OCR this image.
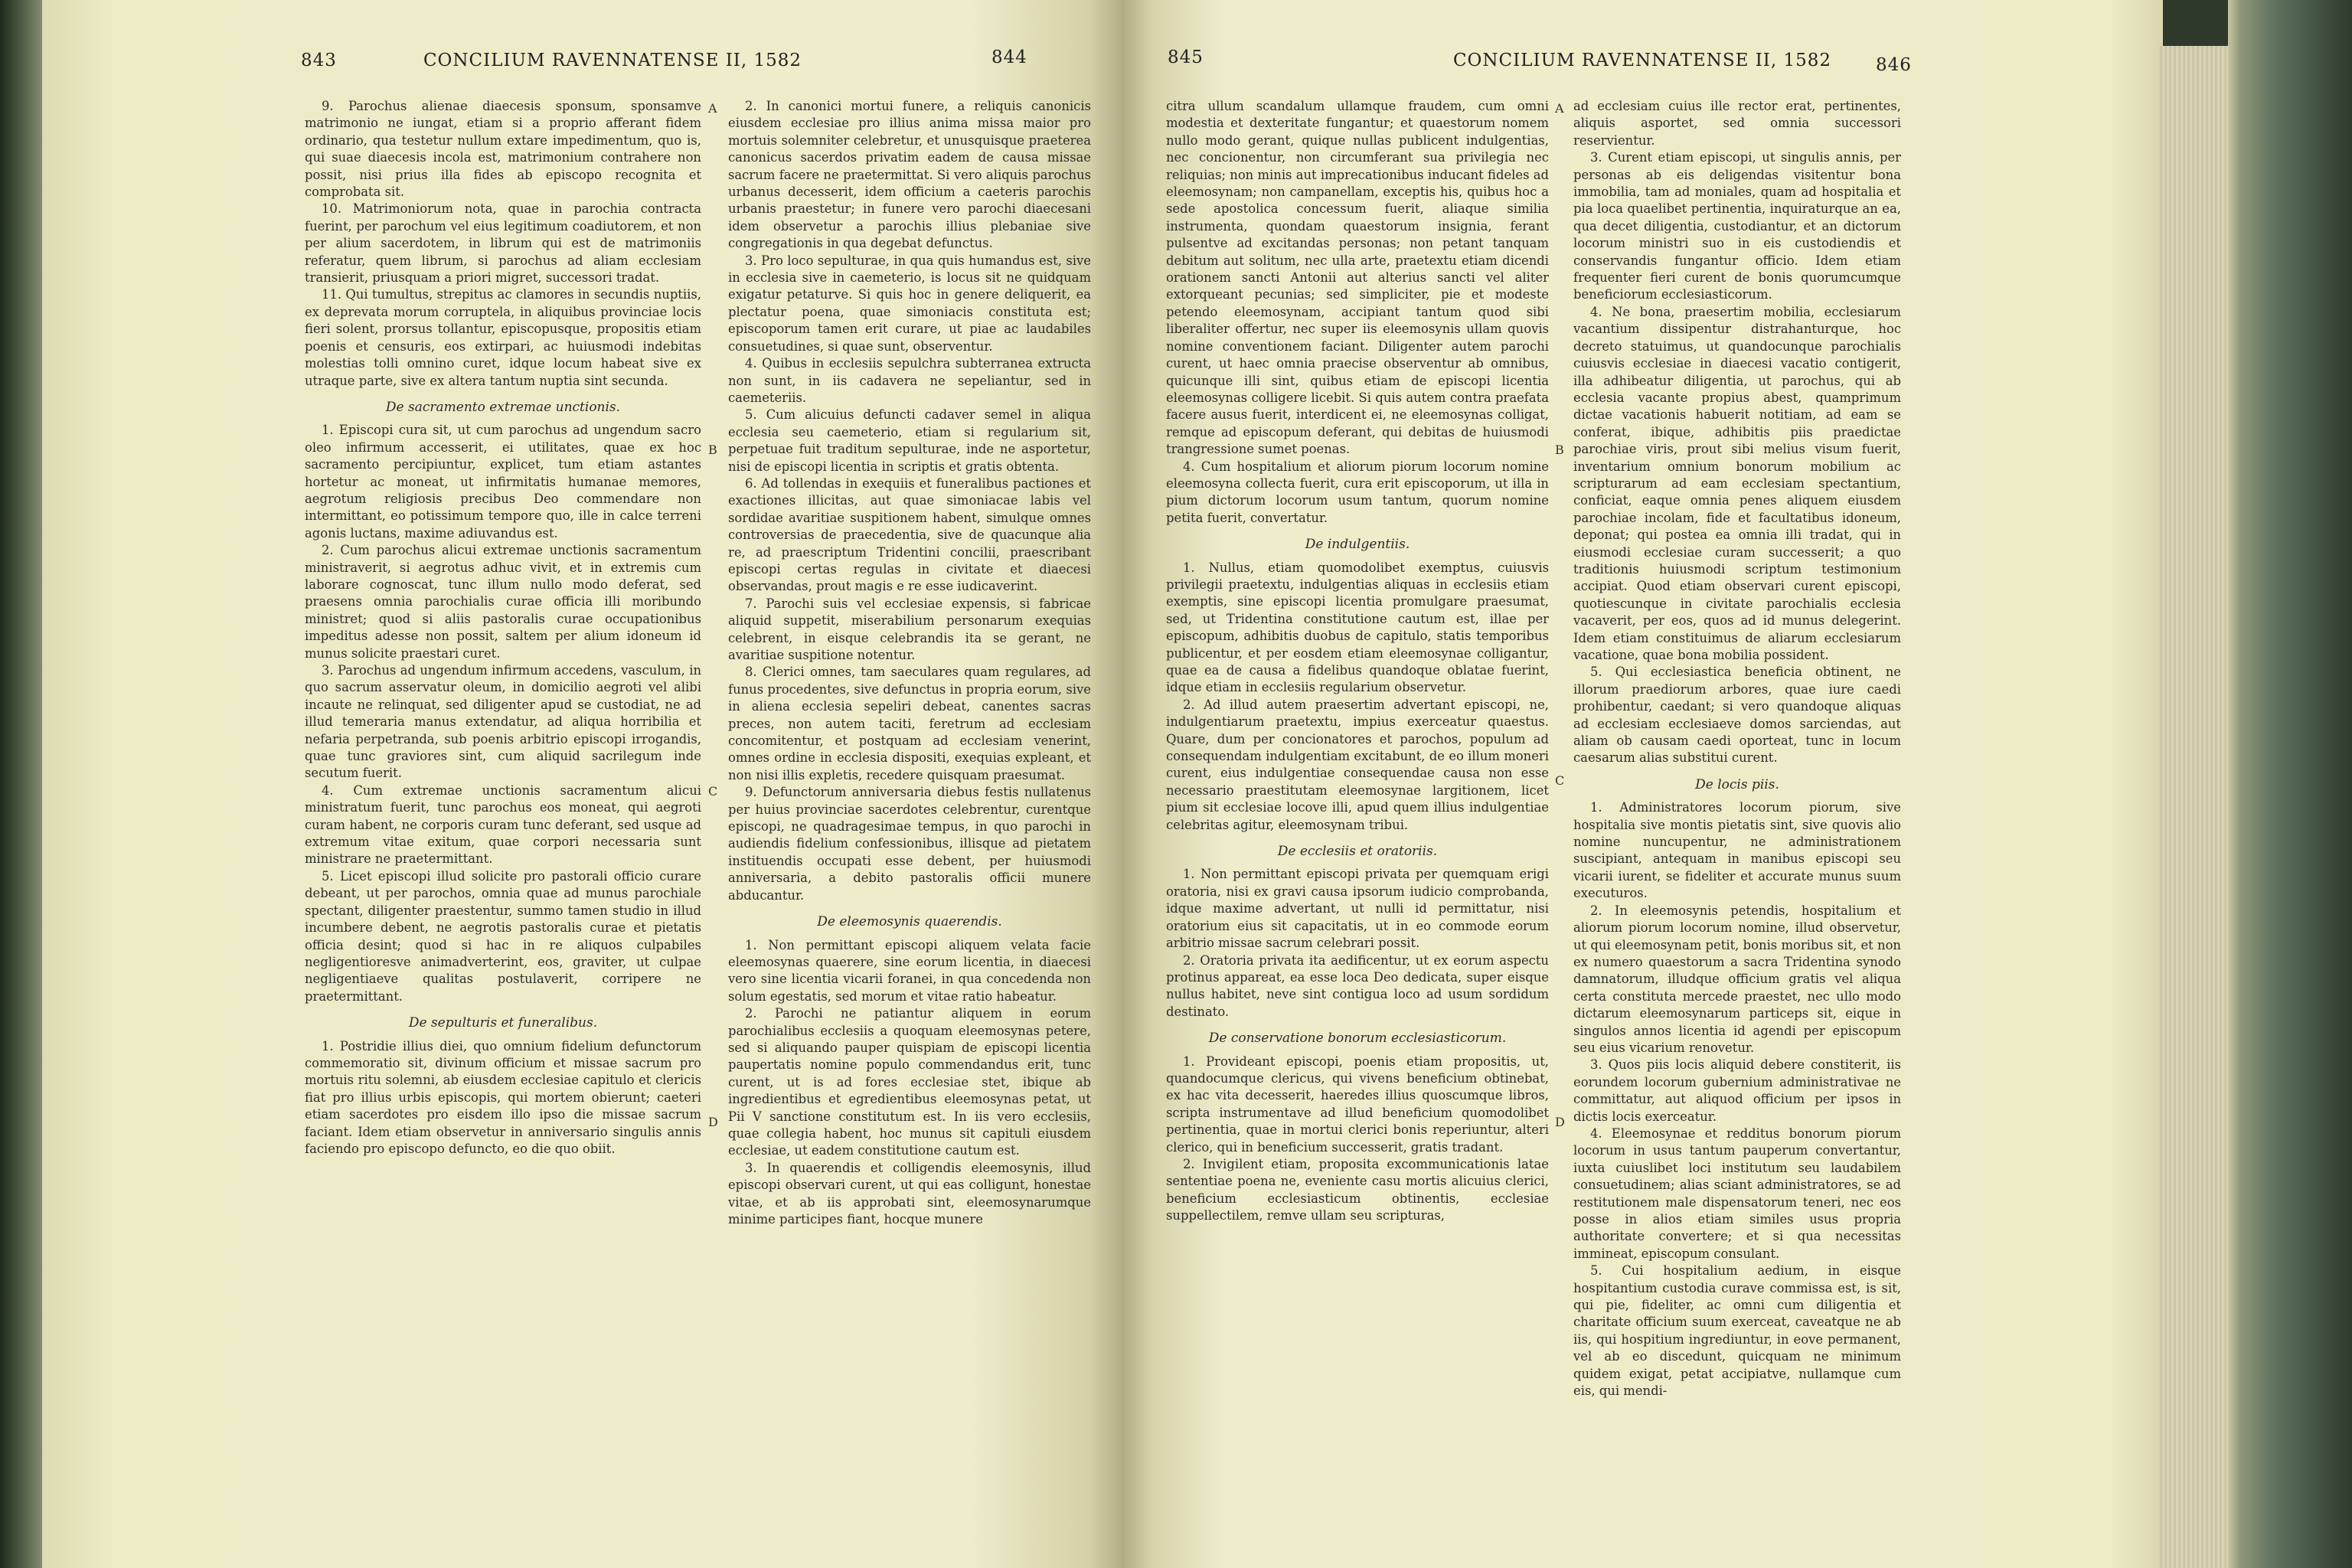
843	CONCILIUM RAVENNATENSE II, 1582	844

9. Parochus alienae diaecesis sponsum, sponsamve matrimonio ne iungat, etiam si a proprio afferant fidem ordinario, qua testetur nullum extare impedimentum, quo is, qui suae diaecesis incola est, matrimonium contrahere non possit, nisi prius illa fides ab episcopo recognita et comprobata sit.

10. Matrimoniorum nota, quae in parochia contracta fuerint, per parochum vel eius legitimum coadiutorem, et non per alium sacerdotem, in librum qui est de matrimoniis referatur, quem librum, si parochus ad aliam ecclesiam transierit, priusquam a priori migret, successori tradat.

11. Qui tumultus, strepitus ac clamores in secundis nuptiis, ex deprevata morum corruptela, in aliquibus provinciae locis fieri solent, prorsus tollantur, episcopusque, propositis etiam poenis et censuris, eos extirpari, ac huiusmodi indebitas molestias tolli omnino curet, idque locum habeat sive ex utraque parte, sive ex altera tantum nuptia sint secunda.

De sacramento extremae unctionis.

1. Episcopi cura sit, ut cum parochus ad ungendum sacro oleo infirmum accesserit, ei utilitates, quae ex hoc sacramento percipiuntur, explicet, tum etiam astantes hortetur ac moneat, ut infirmitatis humanae memores, aegrotum religiosis precibus Deo commendare non intermittant, eo potissimum tempore quo, ille in calce terreni agonis luctans, maxime adiuvandus est.

2. Cum parochus alicui extremae unctionis sacramentum ministraverit, si aegrotus adhuc vivit, et in extremis cum laborare cognoscat, tunc illum nullo modo deferat, sed praesens omnia parochialis curae officia illi moribundo ministret; quod si aliis pastoralis curae occupationibus impeditus adesse non possit, saltem per alium idoneum id munus solicite praestari curet.

3. Parochus ad ungendum infirmum accedens, vasculum, in quo sacrum asservatur oleum, in domicilio aegroti vel alibi incaute ne relinquat, sed diligenter apud se custodiat, ne ad illud temeraria manus extendatur, ad aliqua horribilia et nefaria perpetranda, sub poenis arbitrio episcopi irrogandis, quae tunc graviores sint, cum aliquid sacrilegum inde secutum fuerit.

4. Cum extremae unctionis sacramentum alicui ministratum fuerit, tunc parochus eos moneat, qui aegroti curam habent, ne corporis curam tunc deferant, sed usque ad extremum vitae exitum, quae corpori necessaria sunt ministrare ne praetermittant.

5. Licet episcopi illud solicite pro pastorali officio curare debeant, ut per parochos, omnia quae ad munus parochiale spectant, diligenter praestentur, summo tamen studio in illud incumbere debent, ne aegrotis pastoralis curae et pietatis officia desint; quod si hac in re aliquos culpabiles negligentioresve animadverterint, eos, graviter, ut culpae negligentiaeve qualitas postulaverit, corripere ne praetermittant.

De sepulturis et funeralibus.

1. Postridie illius diei, quo omnium fidelium defunctorum commemoratio sit, divinum officium et missae sacrum pro mortuis ritu solemni, ab eiusdem ecclesiae capitulo et clericis fiat pro illius urbis episcopis, qui mortem obierunt; caeteri etiam sacerdotes pro eisdem illo ipso die missae sacrum faciant. Idem etiam observetur in anniversario singulis annis faciendo pro episcopo defuncto, eo die quo obiit.

A
B
C
D

2. In canonici mortui funere, a reliquis canonicis eiusdem ecclesiae pro illius anima missa maior pro mortuis solemniter celebretur, et unusquisque praeterea canonicus sacerdos privatim eadem de causa missae sacrum facere ne praetermittat. Si vero aliquis parochus urbanus decesserit, idem officium a caeteris parochis urbanis praestetur; in funere vero parochi diaecesani idem observetur a parochis illius plebaniae sive congregationis in qua degebat defunctus.

3. Pro loco sepulturae, in qua quis humandus est, sive in ecclesia sive in caemeterio, is locus sit ne quidquam exigatur petaturve. Si quis hoc in genere deliquerit, ea plectatur poena, quae simoniacis constituta est; episcoporum tamen erit curare, ut piae ac laudabiles consuetudines, si quae sunt, observentur.

4. Quibus in ecclesiis sepulchra subterranea extructa non sunt, in iis cadavera ne sepeliantur, sed in caemeteriis.

5. Cum alicuius defuncti cadaver semel in aliqua ecclesia seu caemeterio, etiam si regularium sit, perpetuae fuit traditum sepulturae, inde ne asportetur, nisi de episcopi licentia in scriptis et gratis obtenta.

6. Ad tollendas in exequiis et funeralibus pactiones et exactiones illicitas, aut quae simoniacae labis vel sordidae avaritiae suspitionem habent, simulque omnes controversias de praecedentia, sive de quacunque alia re, ad praescriptum Tridentini concilii, praescribant episcopi certas regulas in civitate et diaecesi observandas, prout magis e re esse iudicaverint.

7. Parochi suis vel ecclesiae expensis, si fabricae aliquid suppetit, miserabilium personarum exequias celebrent, in eisque celebrandis ita se gerant, ne avaritiae suspitione notentur.

8. Clerici omnes, tam saeculares quam regulares, ad funus procedentes, sive defunctus in propria eorum, sive in aliena ecclesia sepeliri debeat, canentes sacras preces, non autem taciti, feretrum ad ecclesiam concomitentur, et postquam ad ecclesiam venerint, omnes ordine in ecclesia dispositi, exequias expleant, et non nisi illis expletis, recedere quisquam praesumat.

9. Defunctorum anniversaria diebus festis nullatenus per huius provinciae sacerdotes celebrentur, curentque episcopi, ne quadragesimae tempus, in quo parochi in audiendis fidelium confessionibus, illisque ad pietatem instituendis occupati esse debent, per huiusmodi anniversaria, a debito pastoralis officii munere abducantur.

De eleemosynis quaerendis.

1. Non permittant episcopi aliquem velata facie eleemosynas quaerere, sine eorum licentia, in diaecesi vero sine licentia vicarii foranei, in qua concedenda non solum egestatis, sed morum et vitae ratio habeatur.

2. Parochi ne patiantur aliquem in eorum parochialibus ecclesiis a quoquam eleemosynas petere, sed si aliquando pauper quispiam de episcopi licentia paupertatis nomine populo commendandus erit, tunc curent, ut is ad fores ecclesiae stet, ibique ab ingredientibus et egredientibus eleemosynas petat, ut Pii V sanctione constitutum est. In iis vero ecclesiis, quae collegia habent, hoc munus sit capituli eiusdem ecclesiae, ut eadem constitutione cautum est.

3. In quaerendis et colligendis eleemosynis, illud episcopi observari curent, ut qui eas colligunt, honestae vitae, et ab iis approbati sint, eleemosynarumque minime participes fiant, hocque munere

845	CONCILIUM RAVENNATENSE II, 1582	846

citra ullum scandalum ullamque fraudem, cum omni modestia et dexteritate fungantur; et quaestorum nomem nullo modo gerant, quique nullas publicent indulgentias, nec concionentur, non circumferant sua privilegia nec reliquias; non minis aut imprecationibus inducant fideles ad eleemosynam; non campanellam, exceptis his, quibus hoc a sede apostolica concessum fuerit, aliaque similia instrumenta, quondam quaestorum insignia, ferant pulsentve ad excitandas personas; non petant tanquam debitum aut solitum, nec ulla arte, praetextu etiam dicendi orationem sancti Antonii aut alterius sancti vel aliter extorqueant pecunias; sed simpliciter, pie et modeste petendo eleemosynam, accipiant tantum quod sibi liberaliter offertur, nec super iis eleemosynis ullam quovis nomine conventionem faciant. Diligenter autem parochi curent, ut haec omnia praecise observentur ab omnibus, quicunque illi sint, quibus etiam de episcopi licentia eleemosynas colligere licebit. Si quis autem contra praefata facere ausus fuerit, interdicent ei, ne eleemosynas colligat, remque ad episcopum deferant, qui debitas de huiusmodi trangressione sumet poenas.

4. Cum hospitalium et aliorum piorum locorum nomine eleemosyna collecta fuerit, cura erit episcoporum, ut illa in pium dictorum locorum usum tantum, quorum nomine petita fuerit, convertatur.

De indulgentiis.

1. Nullus, etiam quomodolibet exemptus, cuiusvis privilegii praetextu, indulgentias aliquas in ecclesiis etiam exemptis, sine episcopi licentia promulgare praesumat, sed, ut Tridentina constitutione cautum est, illae per episcopum, adhibitis duobus de capitulo, statis temporibus publicentur, et per eosdem etiam eleemosynae colligantur, quae ea de causa a fidelibus quandoque oblatae fuerint, idque etiam in ecclesiis regularium observetur.

2. Ad illud autem praesertim advertant episcopi, ne, indulgentiarum praetextu, impius exerceatur quaestus. Quare, dum per concionatores et parochos, populum ad consequendam indulgentiam excitabunt, de eo illum moneri curent, eius indulgentiae consequendae causa non esse necessario praestitutam eleemosynae largitionem, licet pium sit ecclesiae locove illi, apud quem illius indulgentiae celebritas agitur, eleemosynam tribui.

De ecclesiis et oratoriis.

1. Non permittant episcopi privata per quemquam erigi oratoria, nisi ex gravi causa ipsorum iudicio comprobanda, idque maxime advertant, ut nulli id permittatur, nisi oratorium eius sit capacitatis, ut in eo commode eorum arbitrio missae sacrum celebrari possit.

2. Oratoria privata ita aedificentur, ut ex eorum aspectu protinus appareat, ea esse loca Deo dedicata, super eisque nullus habitet, neve sint contigua loco ad usum sordidum destinato.

De conservatione bonorum ecclesiasticorum.

1. Provideant episcopi, poenis etiam propositis, ut, quandocumque clericus, qui vivens beneficium obtinebat, ex hac vita decesserit, haeredes illius quoscumque libros, scripta instrumentave ad illud beneficium quomodolibet pertinentia, quae in mortui clerici bonis reperiuntur, alteri clerico, qui in beneficium successerit, gratis tradant.

2. Invigilent etiam, proposita excommunicationis latae sententiae poena ne, eveniente casu mortis alicuius clerici, beneficium ecclesiasticum obtinentis, ecclesiae suppellectilem, remve ullam seu scripturas,

A
B
C
D

ad ecclesiam cuius ille rector erat, pertinentes, aliquis asportet, sed omnia successori reservientur.

3. Curent etiam episcopi, ut singulis annis, per personas ab eis deligendas visitentur bona immobilia, tam ad moniales, quam ad hospitalia et pia loca quaelibet pertinentia, inquiraturque an ea, qua decet diligentia, custodiantur, et an dictorum locorum ministri suo in eis custodiendis et conservandis fungantur officio. Idem etiam frequenter fieri curent de bonis quorumcumque beneficiorum ecclesiasticorum.

4. Ne bona, praesertim mobilia, ecclesiarum vacantium dissipentur distrahanturque, hoc decreto statuimus, ut quandocunque parochialis cuiusvis ecclesiae in diaecesi vacatio contigerit, illa adhibeatur diligentia, ut parochus, qui ab ecclesia vacante propius abest, quamprimum dictae vacationis habuerit notitiam, ad eam se conferat, ibique, adhibitis piis praedictae parochiae viris, prout sibi melius visum fuerit, inventarium omnium bonorum mobilium ac scripturarum ad eam ecclesiam spectantium, conficiat, eaque omnia penes aliquem eiusdem parochiae incolam, fide et facultatibus idoneum, deponat; qui postea ea omnia illi tradat, qui in eiusmodi ecclesiae curam successerit; a quo traditionis huiusmodi scriptum testimonium accipiat. Quod etiam observari curent episcopi, quotiescunque in civitate parochialis ecclesia vacaverit, per eos, quos ad id munus delegerint. Idem etiam constituimus de aliarum ecclesiarum vacatione, quae bona mobilia possident.

5. Qui ecclesiastica beneficia obtinent, ne illorum praediorum arbores, quae iure caedi prohibentur, caedant; si vero quandoque aliquas ad ecclesiam ecclesiaeve domos sarciendas, aut aliam ob causam caedi oporteat, tunc in locum caesarum alias substitui curent.

De locis piis.

1. Administratores locorum piorum, sive hospitalia sive montis pietatis sint, sive quovis alio nomine nuncupentur, ne administrationem suscipiant, antequam in manibus episcopi seu vicarii iurent, se fideliter et accurate munus suum executuros.

2. In eleemosynis petendis, hospitalium et aliorum piorum locorum nomine, illud observetur, ut qui eleemosynam petit, bonis moribus sit, et non ex numero quaestorum a sacra Tridentina synodo damnatorum, illudque officium gratis vel aliqua certa constituta mercede praestet, nec ullo modo dictarum eleemosynarum particeps sit, eique in singulos annos licentia id agendi per episcopum seu eius vicarium renovetur.

3. Quos piis locis aliquid debere constiterit, iis eorundem locorum gubernium administrativae ne committatur, aut aliquod officium per ipsos in dictis locis exerceatur.

4. Eleemosynae et redditus bonorum piorum locorum in usus tantum pauperum convertantur, iuxta cuiuslibet loci institutum seu laudabilem consuetudinem; alias sciant administratores, se ad restitutionem male dispensatorum teneri, nec eos posse in alios etiam similes usus propria authoritate convertere; et si qua necessitas immineat, episcopum consulant.

5. Cui hospitalium aedium, in eisque hospitantium custodia curave commissa est, is sit, qui pie, fideliter, ac omni cum diligentia et charitate officium suum exerceat, caveatque ne ab iis, qui hospitium ingrediuntur, in eove permanent, vel ab eo discedunt, quicquam ne minimum quidem exigat, petat accipiatve, nullamque cum eis, qui mendi-
